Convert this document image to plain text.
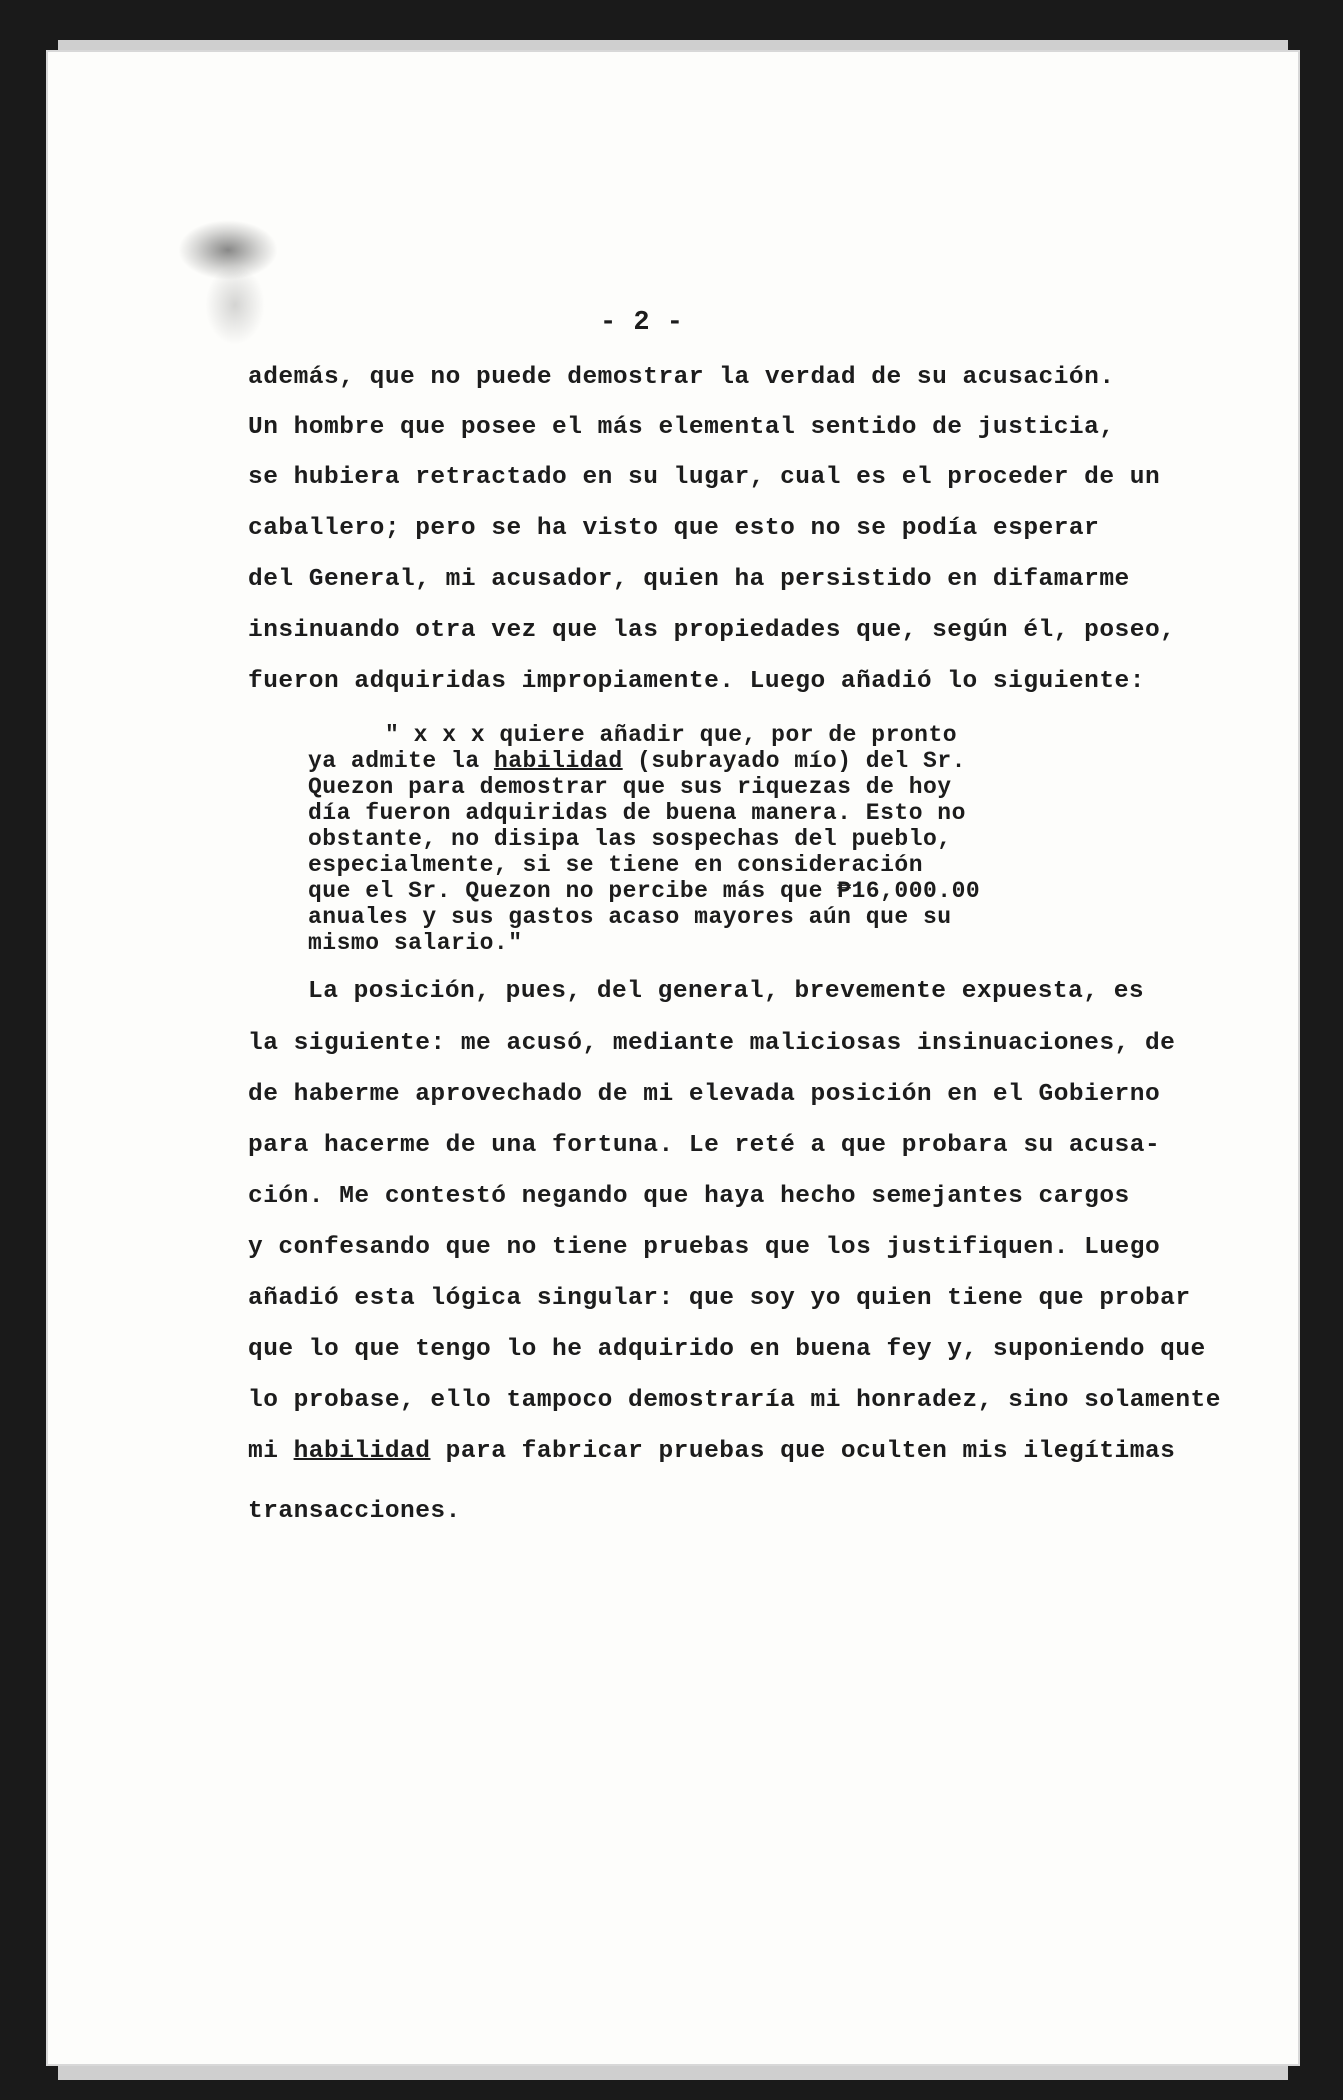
- 2 -
además, que no puede demostrar la verdad de su acusación.
Un hombre que posee el más elemental sentido de justicia,
se hubiera retractado en su lugar, cual es el proceder de un
caballero; pero se ha visto que esto no se podía esperar
del General, mi acusador, quien ha persistido en difamarme
insinuando otra vez que las propiedades que, según él, poseo,
fueron adquiridas impropiamente. Luego añadió lo siguiente:
" x x x quiere añadir que, por de pronto
ya admite la habilidad (subrayado mío) del Sr.
Quezon para demostrar que sus riquezas de hoy
día fueron adquiridas de buena manera. Esto no
obstante, no disipa las sospechas del pueblo,
especialmente, si se tiene en consideración
que el Sr. Quezon no percibe más que ₱16,000.00
anuales y sus gastos acaso mayores aún que su
mismo salario."
La posición, pues, del general, brevemente expuesta, es
la siguiente: me acusó, mediante maliciosas insinuaciones, de
de haberme aprovechado de mi elevada posición en el Gobierno
para hacerme de una fortuna. Le reté a que probara su acusa-
ción. Me contestó negando que haya hecho semejantes cargos
y confesando que no tiene pruebas que los justifiquen. Luego
añadió esta lógica singular: que soy yo quien tiene que probar
que lo que tengo lo he adquirido en buena fey y, suponiendo que
lo probase, ello tampoco demostraría mi honradez, sino solamente
mi habilidad para fabricar pruebas que oculten mis ilegítimas
transacciones.
